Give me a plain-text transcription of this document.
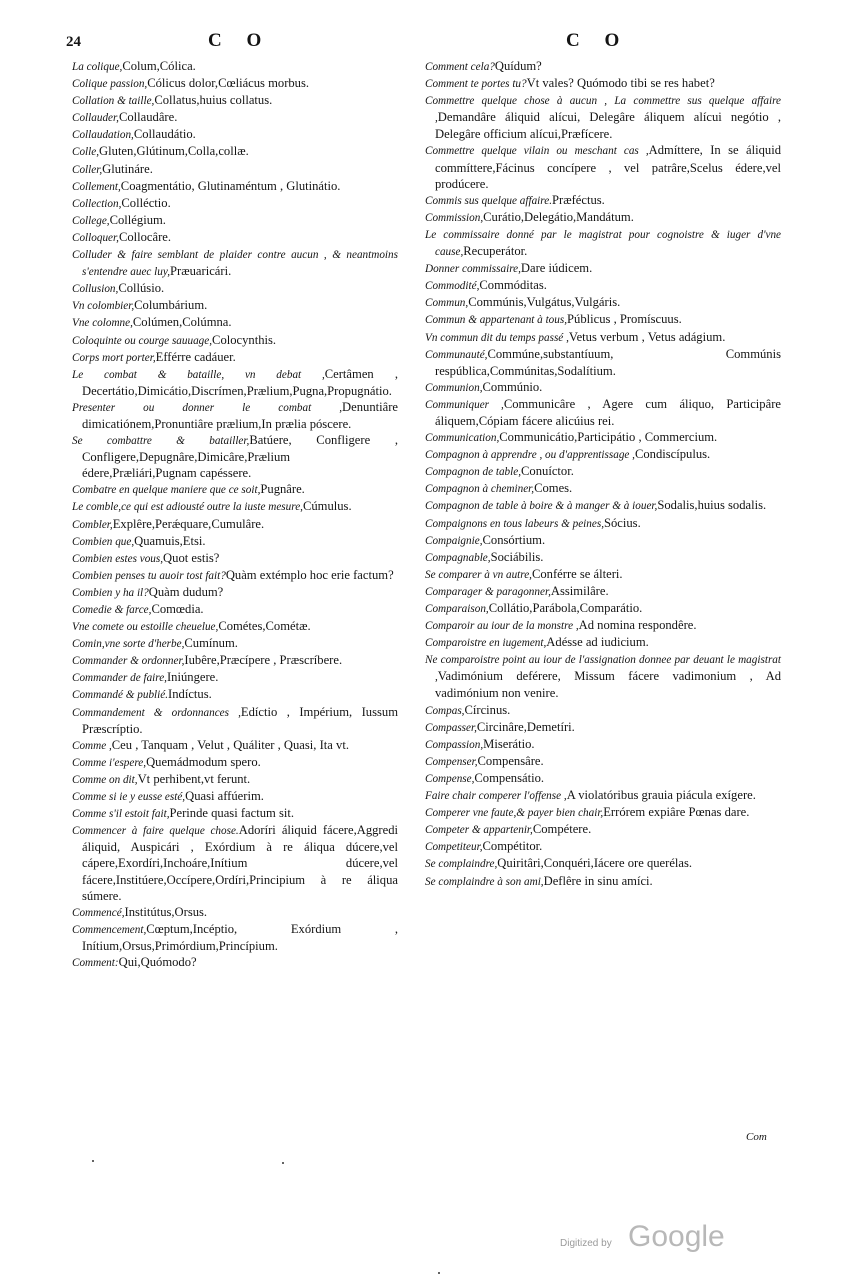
24	C O	C O

La colique,Colum,Cólica.

Colique passion,Cólicus dolor,Cœliácus morbus.

Collation & taille,Collatus,huius collatus.

Collauder,Collaudâre.

Collaudation,Collaudátio.

Colle,Gluten,Glútinum,Colla,collæ.

Coller,Glutináre.

Collement,Coagmentátio, Glutinaméntum , Glutinátio.

Collection,Colléctio.

College,Collégium.

Colloquer,Collocâre.

Colluder & faire semblant de plaider contre aucun , & neantmoins s'entendre auec luy,Præuaricári.

Collusion,Collúsio.

Vn colombier,Columbárium.

Vne colomne,Colúmen,Colúmna.

Coloquinte ou courge sauuage,Colocynthis.

Corps mort porter,Efférre cadáuer.

Le combat & bataille, vn debat ,Certâmen , Decertátio,Dimicátio,Discrímen,Prælium,Pugna,Propugnátio.

Presenter ou donner le combat ,Denuntiâre dimicatiónem,Pronuntiâre prælium,In prælia póscere.

Se combattre & batailler,Batúere, Confligere , Confligere,Depugnâre,Dimicâre,Prælium édere,Præliári,Pugnam capéssere.

Combatre en quelque maniere que ce soit,Pugnâre.

Le comble,ce qui est adiousté outre la iuste mesure,Cúmulus.

Combler,Explêre,Perǽquare,Cumulâre.

Combien que,Quamuis,Etsi.

Combien estes vous,Quot estis?

Combien penses tu auoir tost fait?Quàm extémplo hoc erie factum?

Combien y ha il?Quàm dudum?

Comedie & farce,Comœdia.

Vne comete ou estoille cheuelue,Cométes,Cométæ.

Comin,vne sorte d'herbe,Cumínum.

Commander & ordonner,Iubêre,Præcípere , Præscríbere.

Commander de faire,Iniúngere.

Commandé & publié.Indíctus.

Commandement & ordonnances ,Edíctio , Impérium, Iussum Præscríptio.

Comme ,Ceu , Tanquam , Velut , Quáliter , Quasi, Ita vt.

Comme i'espere,Quemádmodum spero.

Comme on dit,Vt perhibent,vt ferunt.

Comme si ie y eusse esté,Quasi affúerim.

Comme s'il estoit fait,Perinde quasi factum sit.

Commencer à faire quelque chose.Adoríri áliquid fácere,Aggredi áliquid, Auspicári , Exórdium à re áliqua dúcere,vel cápere,Exordíri,Inchoáre,Inítium dúcere,vel fácere,Institúere,Occípere,Ordíri,Principium à re áliqua súmere.

Commencé,Institútus,Orsus.

Commencement,Cœptum,Incéptio, Exórdium , Inítium,Orsus,Primórdium,Princípium.

Comment:Qui,Quómodo?

Comment cela?Quídum?

Comment te portes tu?Vt vales? Quómodo tibi se res habet?

Commettre quelque chose à aucun , La commettre sus quelque affaire ,Demandâre áliquid alícui, Delegâre áliquem alícui negótio , Delegâre officium alícui,Præfícere.

Commettre quelque vilain ou meschant cas ,Admíttere, In se áliquid commíttere,Fácinus concípere , vel patrâre,Scelus édere,vel prodúcere.

Commis sus quelque affaire.Præféctus.

Commission,Curátio,Delegátio,Mandátum.

Le commissaire donné par le magistrat pour cognoistre & iuger d'vne cause,Recuperátor.

Donner commissaire,Dare iúdicem.

Commodité,Commóditas.

Commun,Commúnis,Vulgátus,Vulgáris.

Commun & appartenant à tous,Públicus , Promíscuus.

Vn commun dit du temps passé ,Vetus verbum , Vetus adágium.

Communauté,Commúne,substantíuum, Commúnis respública,Commúnitas,Sodalítium.

Communion,Commúnio.

Communiquer ,Communicâre , Agere cum áliquo, Participâre áliquem,Cópiam fácere alicúius rei.

Communication,Communicátio,Participátio , Commercium.

Compagnon à apprendre , ou d'apprentissage ,Condiscípulus.

Compagnon de table,Conuíctor.

Compagnon à cheminer,Comes.

Compagnon de table à boire & à manger & à iouer,Sodalis,huius sodalis.

Compaignons en tous labeurs & peines,Sócius.

Compaignie,Consórtium.

Compagnable,Sociábilis.

Se comparer à vn autre,Conférre se álteri.

Comparager & paragonner,Assimilâre.

Comparaison,Collátio,Parábola,Comparátio.

Comparoir au iour de la monstre ,Ad nomina respondêre.

Comparoistre en iugement,Adésse ad iudicium.

Ne comparoistre point au iour de l'assignation donnee par deuant le magistrat ,Vadimónium deférere, Missum fácere vadimonium , Ad vadimónium non venire.

Compas,Círcinus.

Compasser,Circinâre,Demetíri.

Compassion,Miserátio.

Compenser,Compensâre.

Compense,Compensátio.

Faire chair comperer l'offense ,A violatóribus grauia piácula exígere.

Comperer vne faute,& payer bien chair,Errórem expiâre Pœnas dare.

Competer & appartenir,Compétere.

Competiteur,Compétitor.

Se complaindre,Quiritâri,Conquéri,Iácere ore querélas.

Se complaindre à son ami,Deflêre in sinu amíci.

Com
Digitized by Google
